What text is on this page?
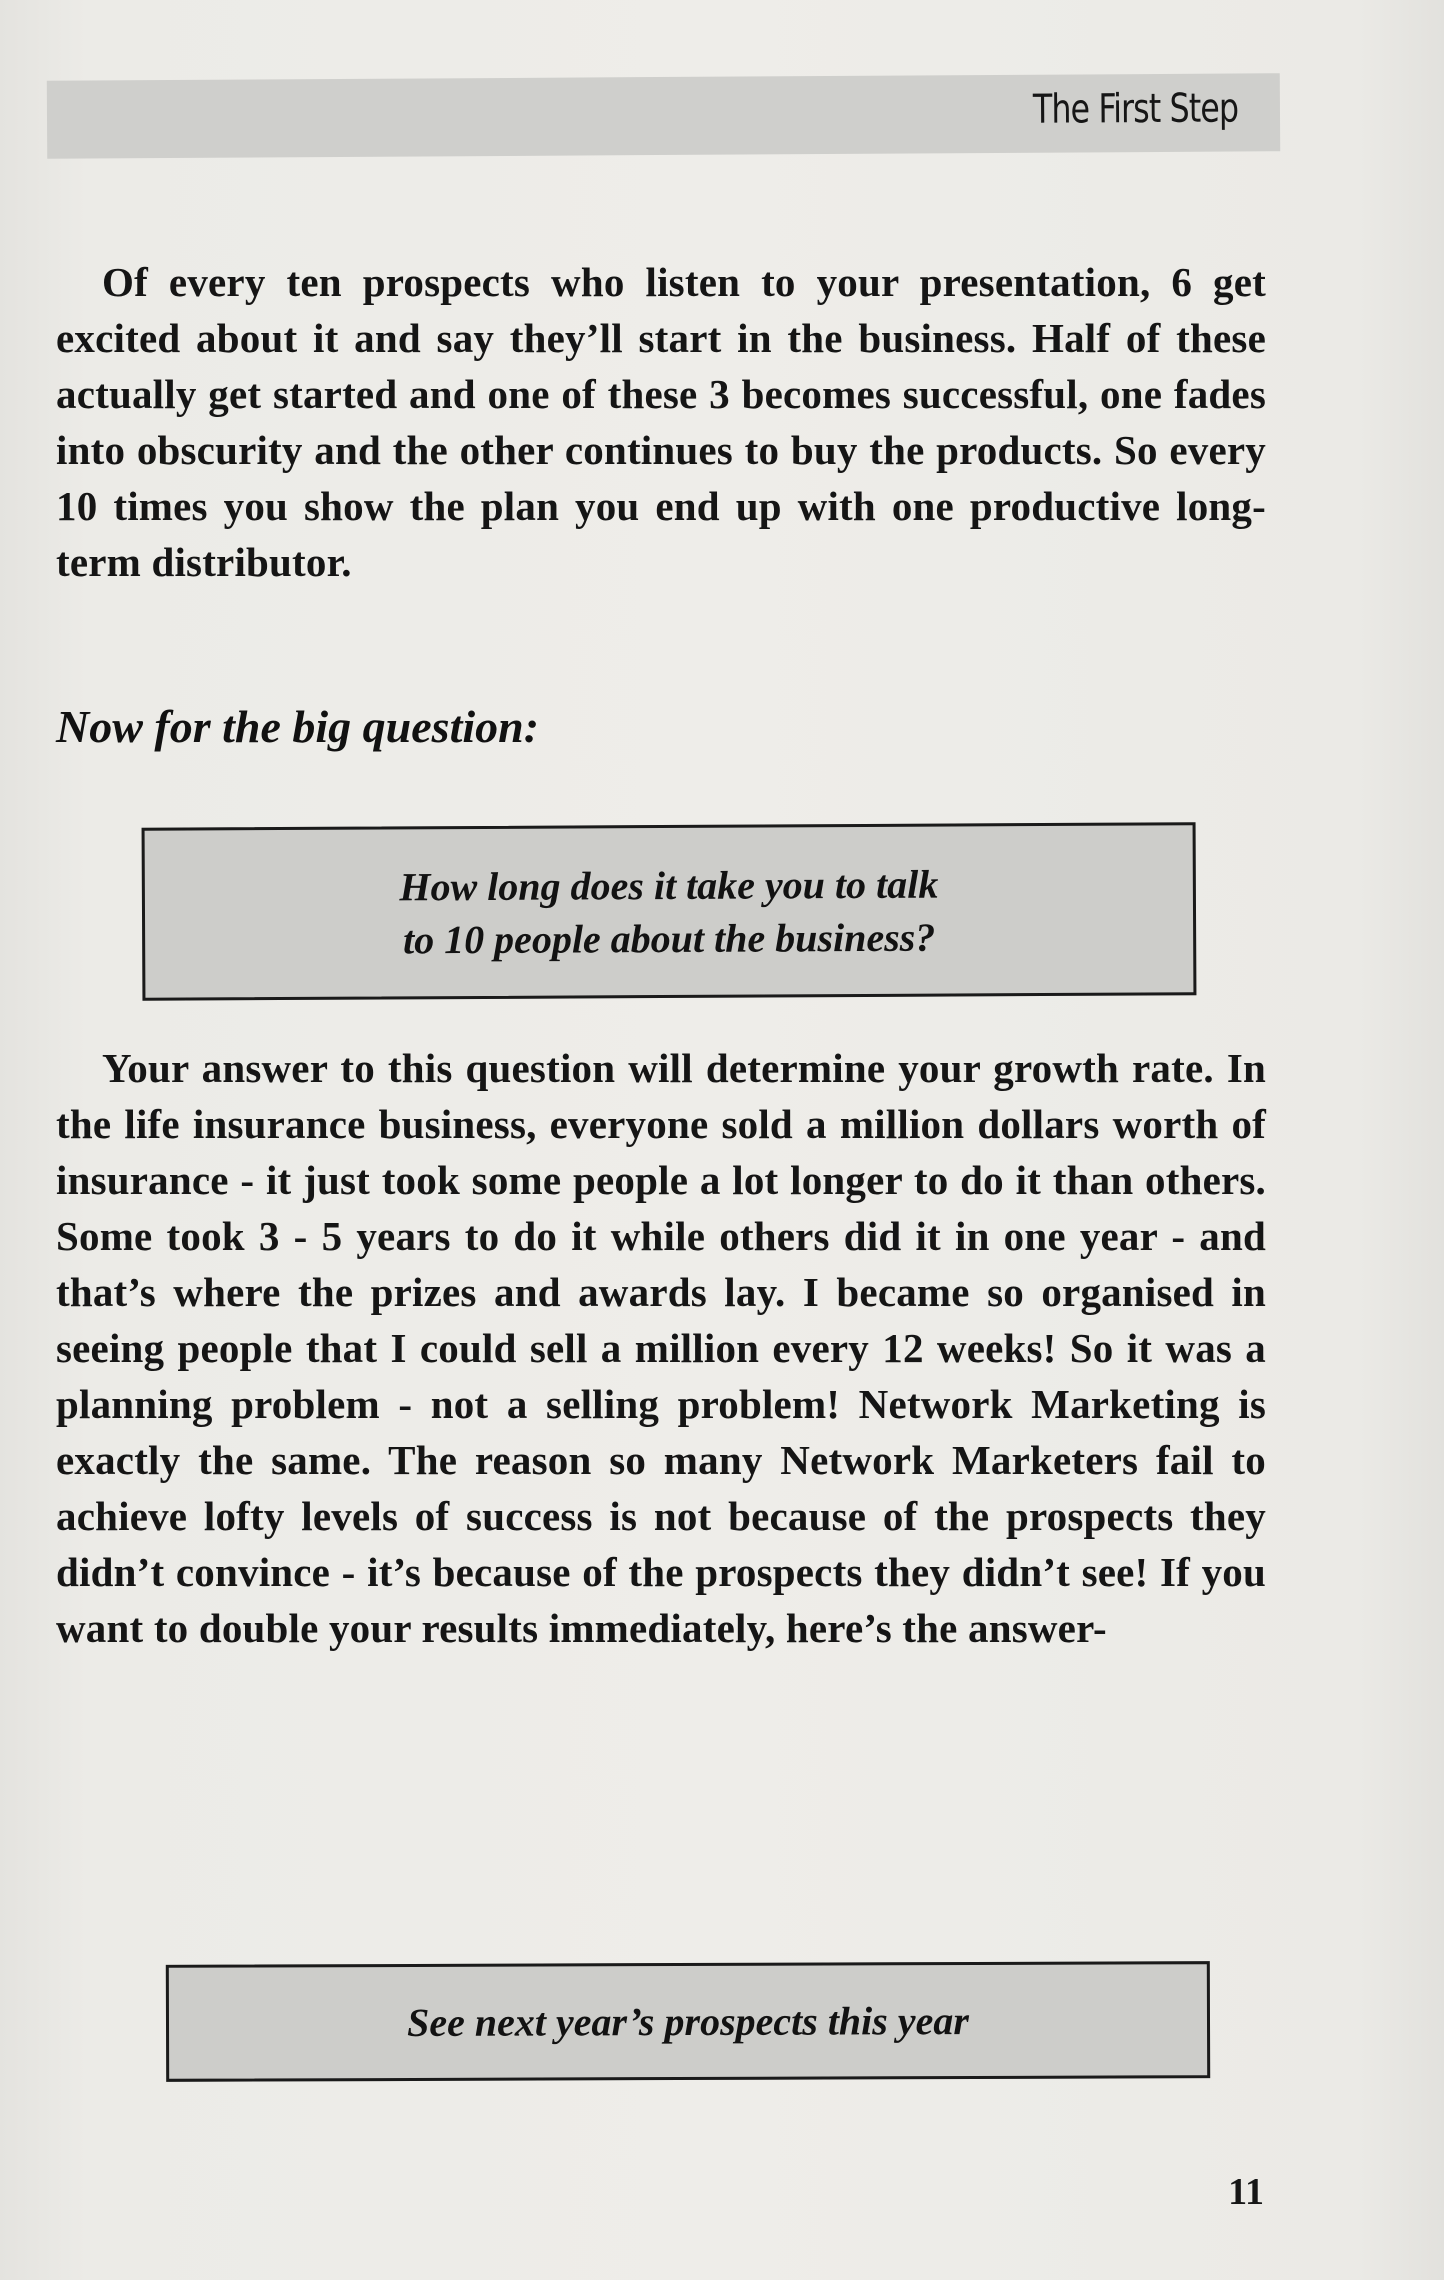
The First Step

Of every ten prospects who listen to your presentation, 6 get excited about it and say they’ll start in the business. Half of these actually get started and one of these 3 becomes successful, one fades into obscurity and the other continues to buy the products. So every 10 times you show the plan you end up with one productive long-term distributor.

Now for the big question:
How long does it take you to talk
to 10 people about the business?

Your answer to this question will determine your growth rate. In the life insurance business, everyone sold a million dollars worth of insurance - it just took some people a lot longer to do it than others. Some took 3 - 5 years to do it while others did it in one year - and that’s where the prizes and awards lay. I became so organised in seeing people that I could sell a million every 12 weeks! So it was a planning problem - not a selling problem! Network Marketing is exactly the same. The reason so many Network Marketers fail to achieve lofty levels of success is not because of the prospects they didn’t convince - it’s because of the prospects they didn’t see! If you want to double your results immediately, here’s the answer-

See next year’s prospects this year
11
